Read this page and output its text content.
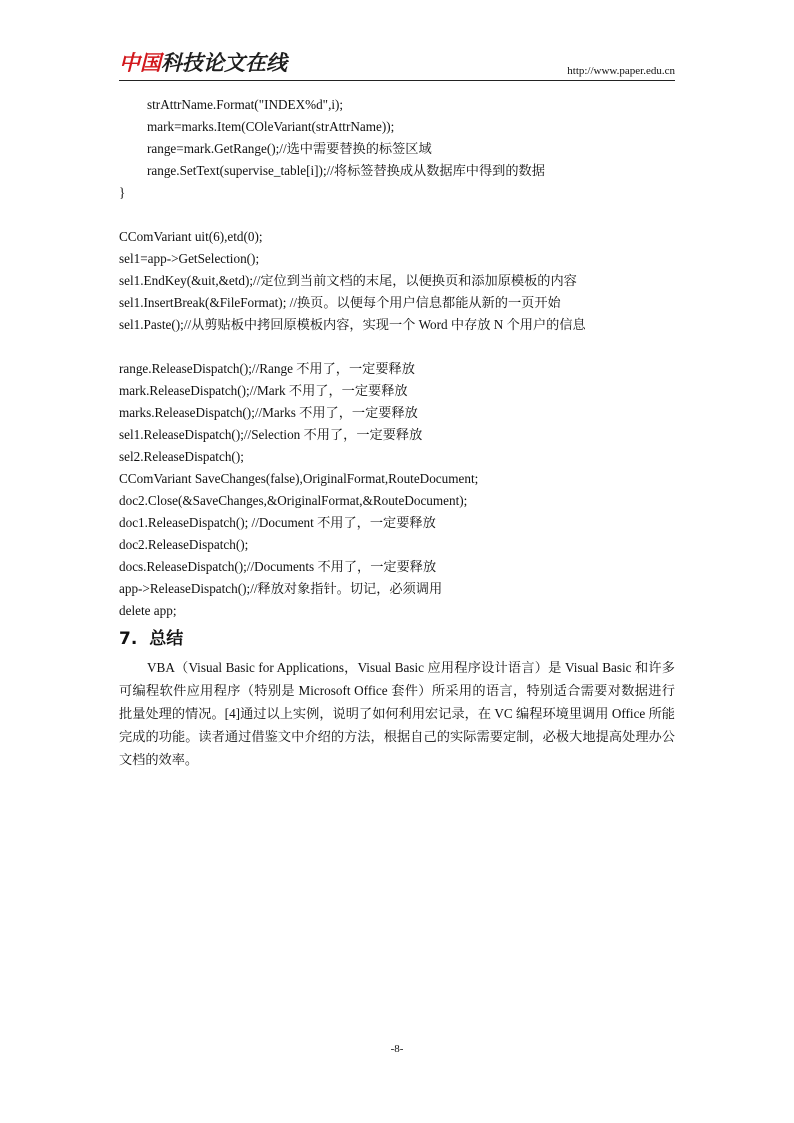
中国科技论文在线	http://www.paper.edu.cn
strAttrName.Format("INDEX%d",i);
mark=marks.Item(COleVariant(strAttrName));
range=mark.GetRange();//选中需要替换的标签区域
range.SetText(supervise_table[i]);//将标签替换成从数据库中得到的数据
}
CComVariant uit(6),etd(0);
sel1=app->GetSelection();
sel1.EndKey(&uit,&etd);//定位到当前文档的末尾，以便换页和添加原模板的内容
sel1.InsertBreak(&FileFormat); //换页。以便每个用户信息都能从新的一页开始
sel1.Paste();//从剪贴板中拷回原模板内容，实现一个 Word 中存放 N 个用户的信息
range.ReleaseDispatch();//Range 不用了，一定要释放
mark.ReleaseDispatch();//Mark 不用了，一定要释放
marks.ReleaseDispatch();//Marks 不用了，一定要释放
sel1.ReleaseDispatch();//Selection 不用了，一定要释放
sel2.ReleaseDispatch();
CComVariant SaveChanges(false),OriginalFormat,RouteDocument;
doc2.Close(&SaveChanges,&OriginalFormat,&RouteDocument);
doc1.ReleaseDispatch(); //Document 不用了，一定要释放
doc2.ReleaseDispatch();
docs.ReleaseDispatch();//Documents 不用了，一定要释放
app->ReleaseDispatch();//释放对象指针。切记，必须调用
delete app;
7. 总结

VBA（Visual Basic for Applications，Visual Basic 应用程序设计语言）是 Visual Basic 和许多可编程软件应用程序（特别是 Microsoft Office 套件）所采用的语言，特别适合需要对数据进行批量处理的情况。[4]通过以上实例，说明了如何利用宏记录，在 VC 编程环境里调用 Office 所能完成的功能。读者通过借鉴文中介绍的方法，根据自己的实际需要定制，必极大地提高处理办公文档的效率。

-8-
